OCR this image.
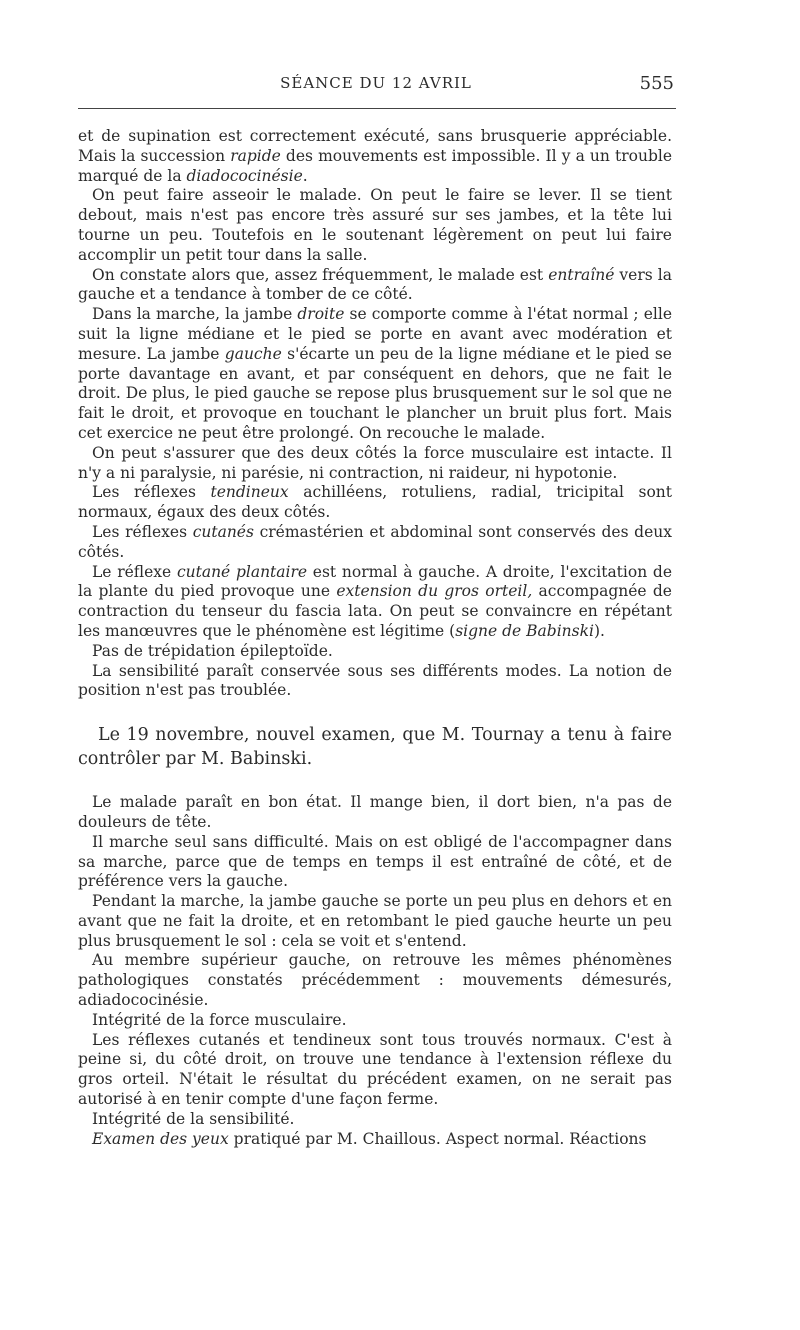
SÉANCE DU 12 AVRIL	555

et de supination est correctement exécuté, sans brusquerie appréciable. Mais la succession rapide des mouvements est impossible. Il y a un trouble marqué de la diadococinésie.

On peut faire asseoir le malade. On peut le faire se lever. Il se tient debout, mais n'est pas encore très assuré sur ses jambes, et la tête lui tourne un peu. Toutefois en le soutenant légèrement on peut lui faire accomplir un petit tour dans la salle.

On constate alors que, assez fréquemment, le malade est entraîné vers la gauche et a tendance à tomber de ce côté.

Dans la marche, la jambe droite se comporte comme à l'état normal ; elle suit la ligne médiane et le pied se porte en avant avec modération et mesure. La jambe gauche s'écarte un peu de la ligne médiane et le pied se porte davantage en avant, et par conséquent en dehors, que ne fait le droit. De plus, le pied gauche se repose plus brusquement sur le sol que ne fait le droit, et provoque en touchant le plancher un bruit plus fort. Mais cet exercice ne peut être prolongé. On recouche le malade.

On peut s'assurer que des deux côtés la force musculaire est intacte. Il n'y a ni paralysie, ni parésie, ni contraction, ni raideur, ni hypotonie.

Les réflexes tendineux achilléens, rotuliens, radial, tricipital sont normaux, égaux des deux côtés.

Les réflexes cutanés crémastérien et abdominal sont conservés des deux côtés.

Le réflexe cutané plantaire est normal à gauche. A droite, l'excitation de la plante du pied provoque une extension du gros orteil, accompagnée de contraction du tenseur du fascia lata. On peut se convaincre en répétant les manœuvres que le phénomène est légitime (signe de Babinski).

Pas de trépidation épileptoïde.

La sensibilité paraît conservée sous ses différents modes. La notion de position n'est pas troublée.

Le 19 novembre, nouvel examen, que M. Tournay a tenu à faire contrôler par M. Babinski.

Le malade paraît en bon état. Il mange bien, il dort bien, n'a pas de douleurs de tête.

Il marche seul sans difficulté. Mais on est obligé de l'accompagner dans sa marche, parce que de temps en temps il est entraîné de côté, et de préférence vers la gauche.

Pendant la marche, la jambe gauche se porte un peu plus en dehors et en avant que ne fait la droite, et en retombant le pied gauche heurte un peu plus brusquement le sol : cela se voit et s'entend.

Au membre supérieur gauche, on retrouve les mêmes phénomènes pathologiques constatés précédemment : mouvements démesurés, adiadococinésie.

Intégrité de la force musculaire.

Les réflexes cutanés et tendineux sont tous trouvés normaux. C'est à peine si, du côté droit, on trouve une tendance à l'extension réflexe du gros orteil. N'était le résultat du précédent examen, on ne serait pas autorisé à en tenir compte d'une façon ferme.

Intégrité de la sensibilité.

Examen des yeux pratiqué par M. Chaillous. Aspect normal. Réactions
